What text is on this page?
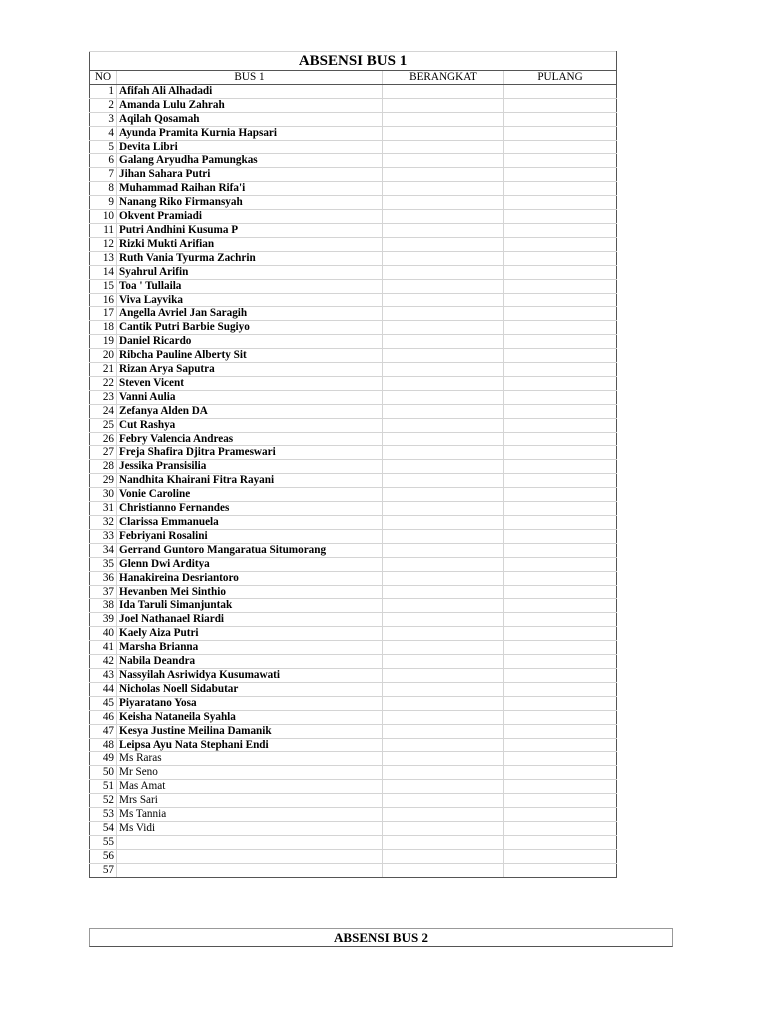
ABSENSI BUS 1			
NO	BUS 1	BERANGKAT	PULANG
1	Afifah Ali Alhadadi		
2	Amanda Lulu Zahrah		
3	Aqilah Qosamah		
4	Ayunda Pramita Kurnia Hapsari		
5	Devita Libri		
6	Galang Aryudha Pamungkas		
7	Jihan Sahara Putri		
8	Muhammad Raihan Rifa'i		
9	Nanang Riko Firmansyah		
10	Okvent Pramiadi		
11	Putri Andhini Kusuma P		
12	Rizki Mukti Arifian		
13	Ruth Vania Tyurma Zachrin		
14	Syahrul Arifin		
15	Toa ' Tullaila		
16	Viva Layvika		
17	Angella Avriel Jan Saragih		
18	Cantik Putri Barbie Sugiyo		
19	Daniel Ricardo		
20	Ribcha Pauline Alberty Sit		
21	Rizan Arya Saputra		
22	Steven Vicent		
23	Vanni Aulia		
24	Zefanya Alden DA		
25	Cut Rashya		
26	Febry Valencia Andreas		
27	Freja Shafira Djitra Prameswari		
28	Jessika Pransisilia		
29	Nandhita Khairani Fitra Rayani		
30	Vonie Caroline		
31	Christianno Fernandes		
32	Clarissa Emmanuela		
33	Febriyani Rosalini		
34	Gerrand Guntoro Mangaratua Situmorang		
35	Glenn Dwi Arditya		
36	Hanakireina Desriantoro		
37	Hevanben Mei Sinthio		
38	Ida Taruli Simanjuntak		
39	Joel Nathanael Riardi		
40	Kaely Aiza Putri		
41	Marsha Brianna		
42	Nabila Deandra		
43	Nassyilah Asriwidya Kusumawati		
44	Nicholas Noell Sidabutar		
45	Piyaratano Yosa		
46	Keisha Nataneila Syahla		
47	Kesya Justine Meilina Damanik		
48	Leipsa Ayu Nata Stephani Endi		
49	Ms Raras		
50	Mr Seno		
51	Mas Amat		
52	Mrs Sari		
53	Ms Tannia		
54	Ms Vidi		
55			
56			
57			
ABSENSI BUS 2
